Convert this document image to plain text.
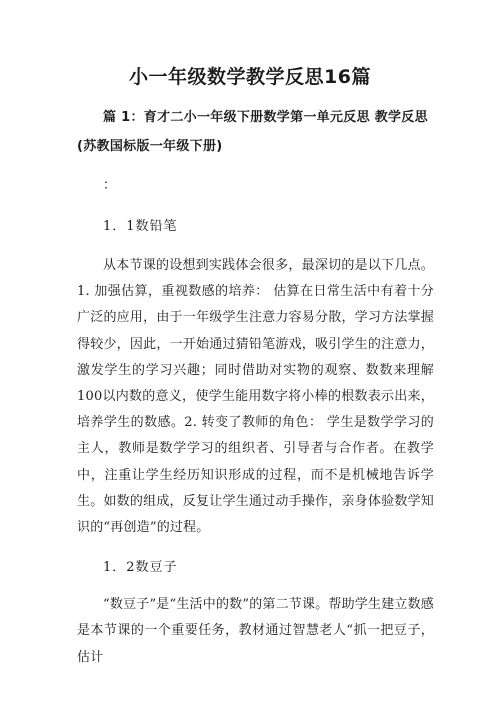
小一年级数学教学反思16篇

篇 1：育才二小一年级下册数学第一单元反思 教学反思(苏教国标版一年级下册)

：

1．1数铅笔

从本节课的设想到实践体会很多，最深切的是以下几点。1. 加强估算，重视数感的培养： 估算在日常生活中有着十分广泛的应用，由于一年级学生注意力容易分散，学习方法掌握得较少，因此，一开始通过猜铅笔游戏，吸引学生的注意力，激发学生的学习兴趣；同时借助对实物的观察、数数来理解100以内数的意义，使学生能用数字将小棒的根数表示出来，培养学生的数感。2. 转变了教师的角色： 学生是数学学习的主人，教师是数学学习的组织者、引导者与合作者。在教学中，注重让学生经历知识形成的过程，而不是机械地告诉学生。如数的组成，反复让学生通过动手操作，亲身体验数学知识的“再创造”的过程。

1．2数豆子

“数豆子”是“生活中的数”的第二节课。帮助学生建立数感是本节课的一个重要任务，教材通过智慧老人“抓一把豆子，估计
